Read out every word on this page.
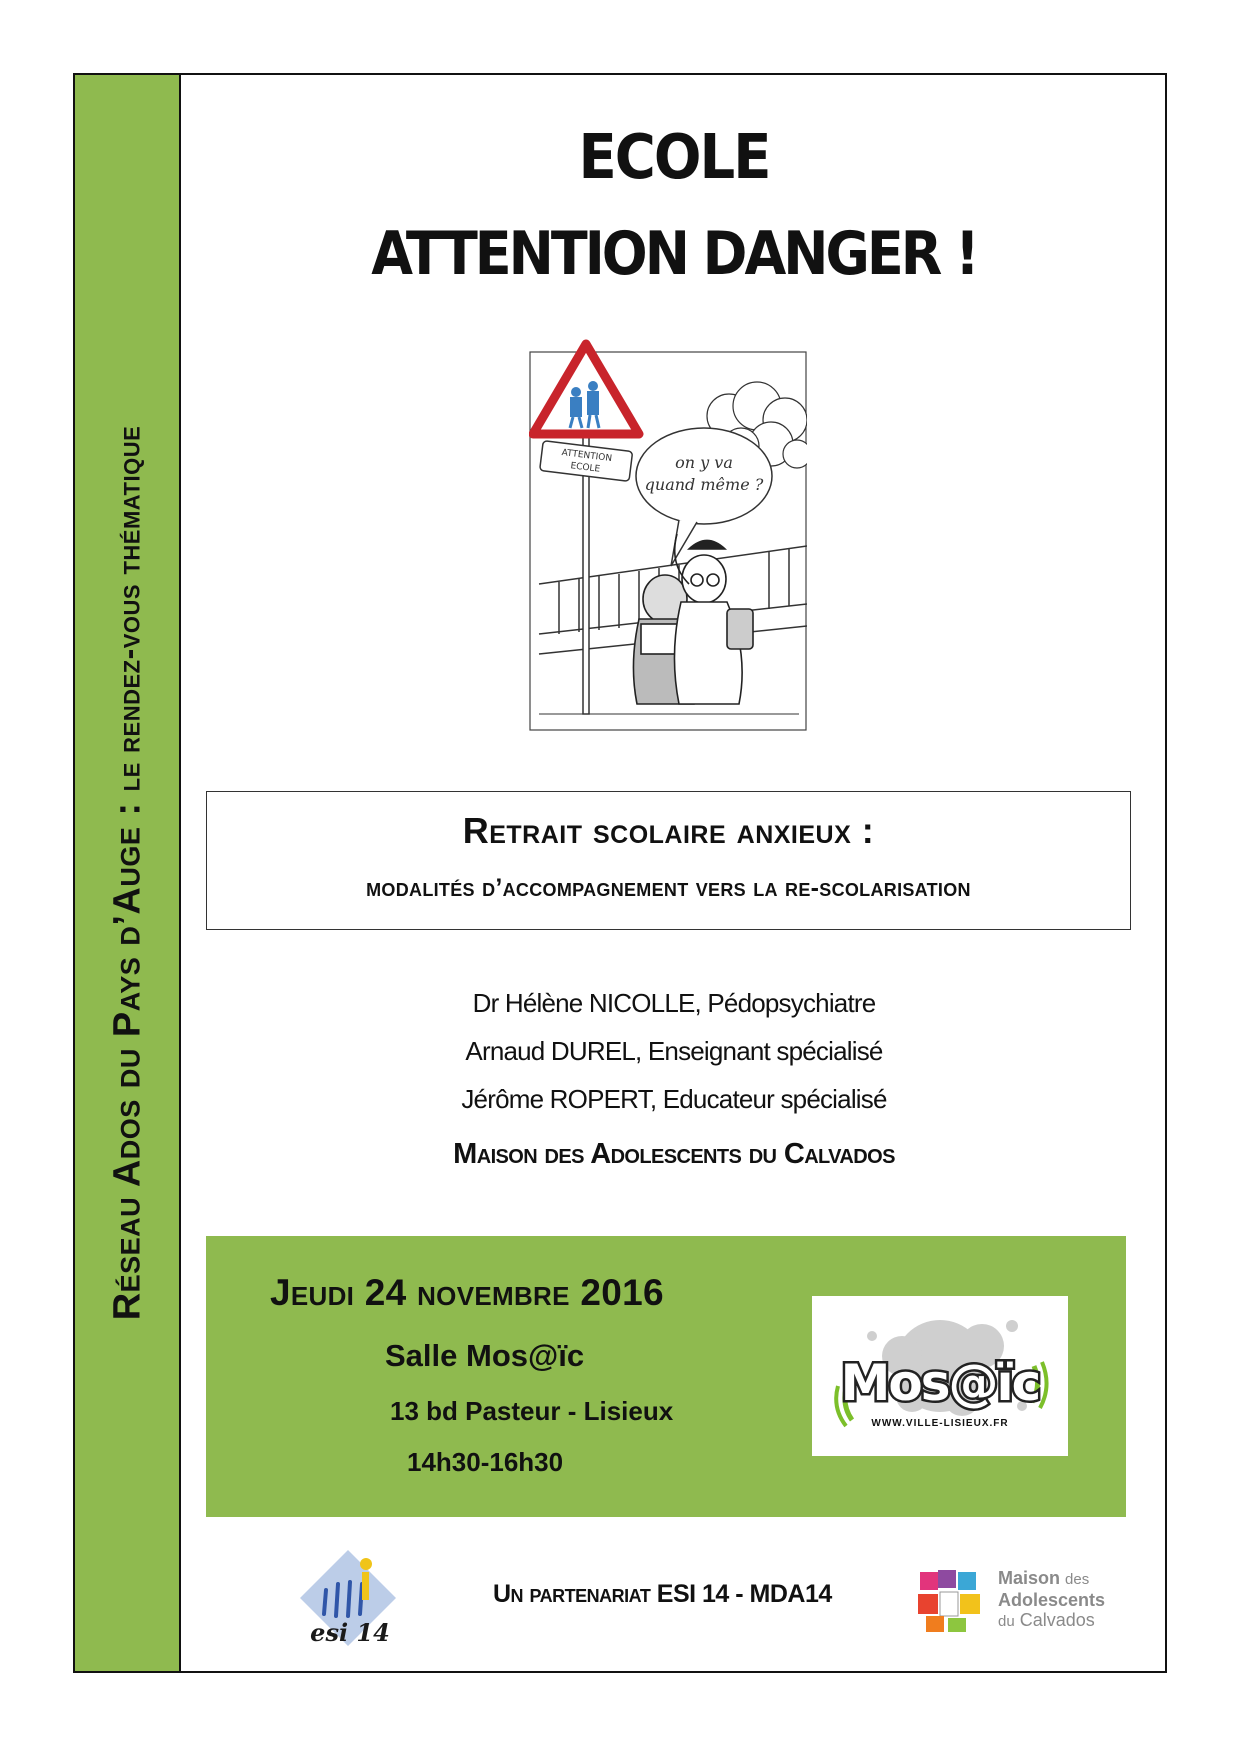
Réseau Ados du Pays d’Auge : le rendez-vous thématique
ECOLE
ATTENTION DANGER !
ATTENTION
ECOLE	on y va
quand même ?
Retrait scolaire anxieux :
modalités d’accompagnement vers la re-scolarisation
Dr Hélène NICOLLE, Pédopsychiatre
Arnaud DUREL, Enseignant spécialisé
Jérôme ROPERT, Educateur spécialisé
Maison des Adolescents du Calvados
Jeudi 24 novembre 2016
Salle Mos@ïc
13 bd Pasteur - Lisieux
14h30-16h30
Mos@ïc
WWW.VILLE-LISIEUX.FR
esi 14
Un partenariat ESI 14 - MDA14
Maison des
Adolescents
du Calvados
